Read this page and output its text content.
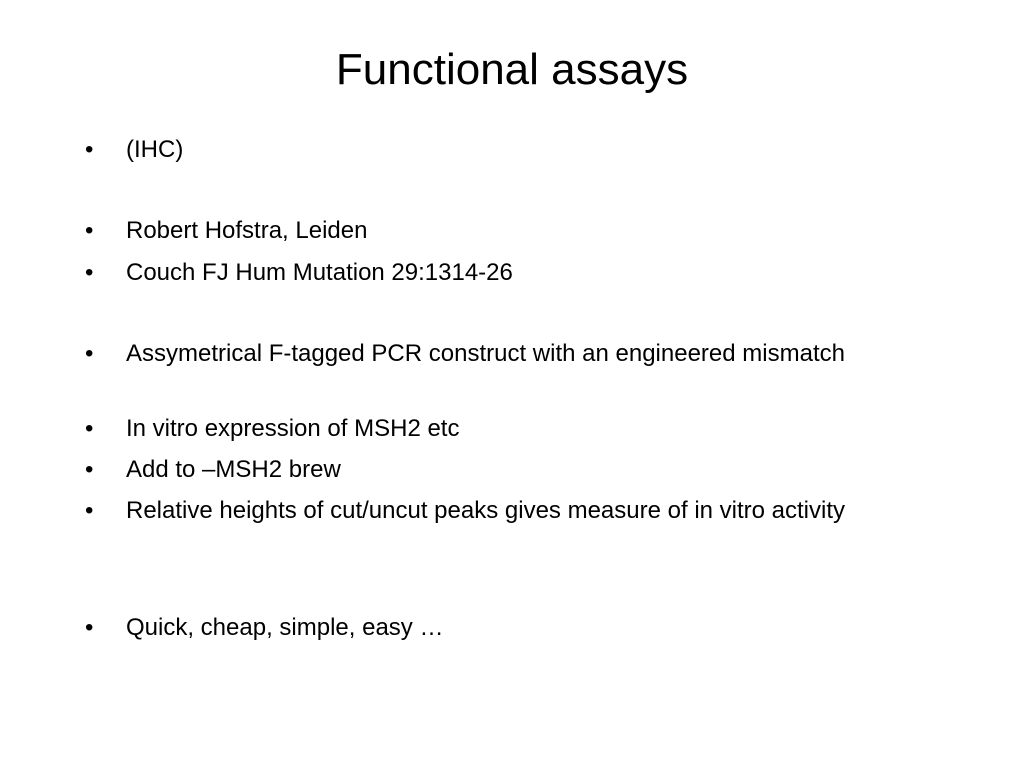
Functional assays
•	(IHC)
•	Robert Hofstra, Leiden
•	Couch FJ Hum Mutation 29:1314-26
•	Assymetrical F-tagged PCR construct with an engineered mismatch
•	In vitro expression of MSH2 etc
•	Add to –MSH2 brew
•	Relative heights of cut/uncut peaks gives measure of in vitro activity
•	Quick, cheap, simple, easy …
